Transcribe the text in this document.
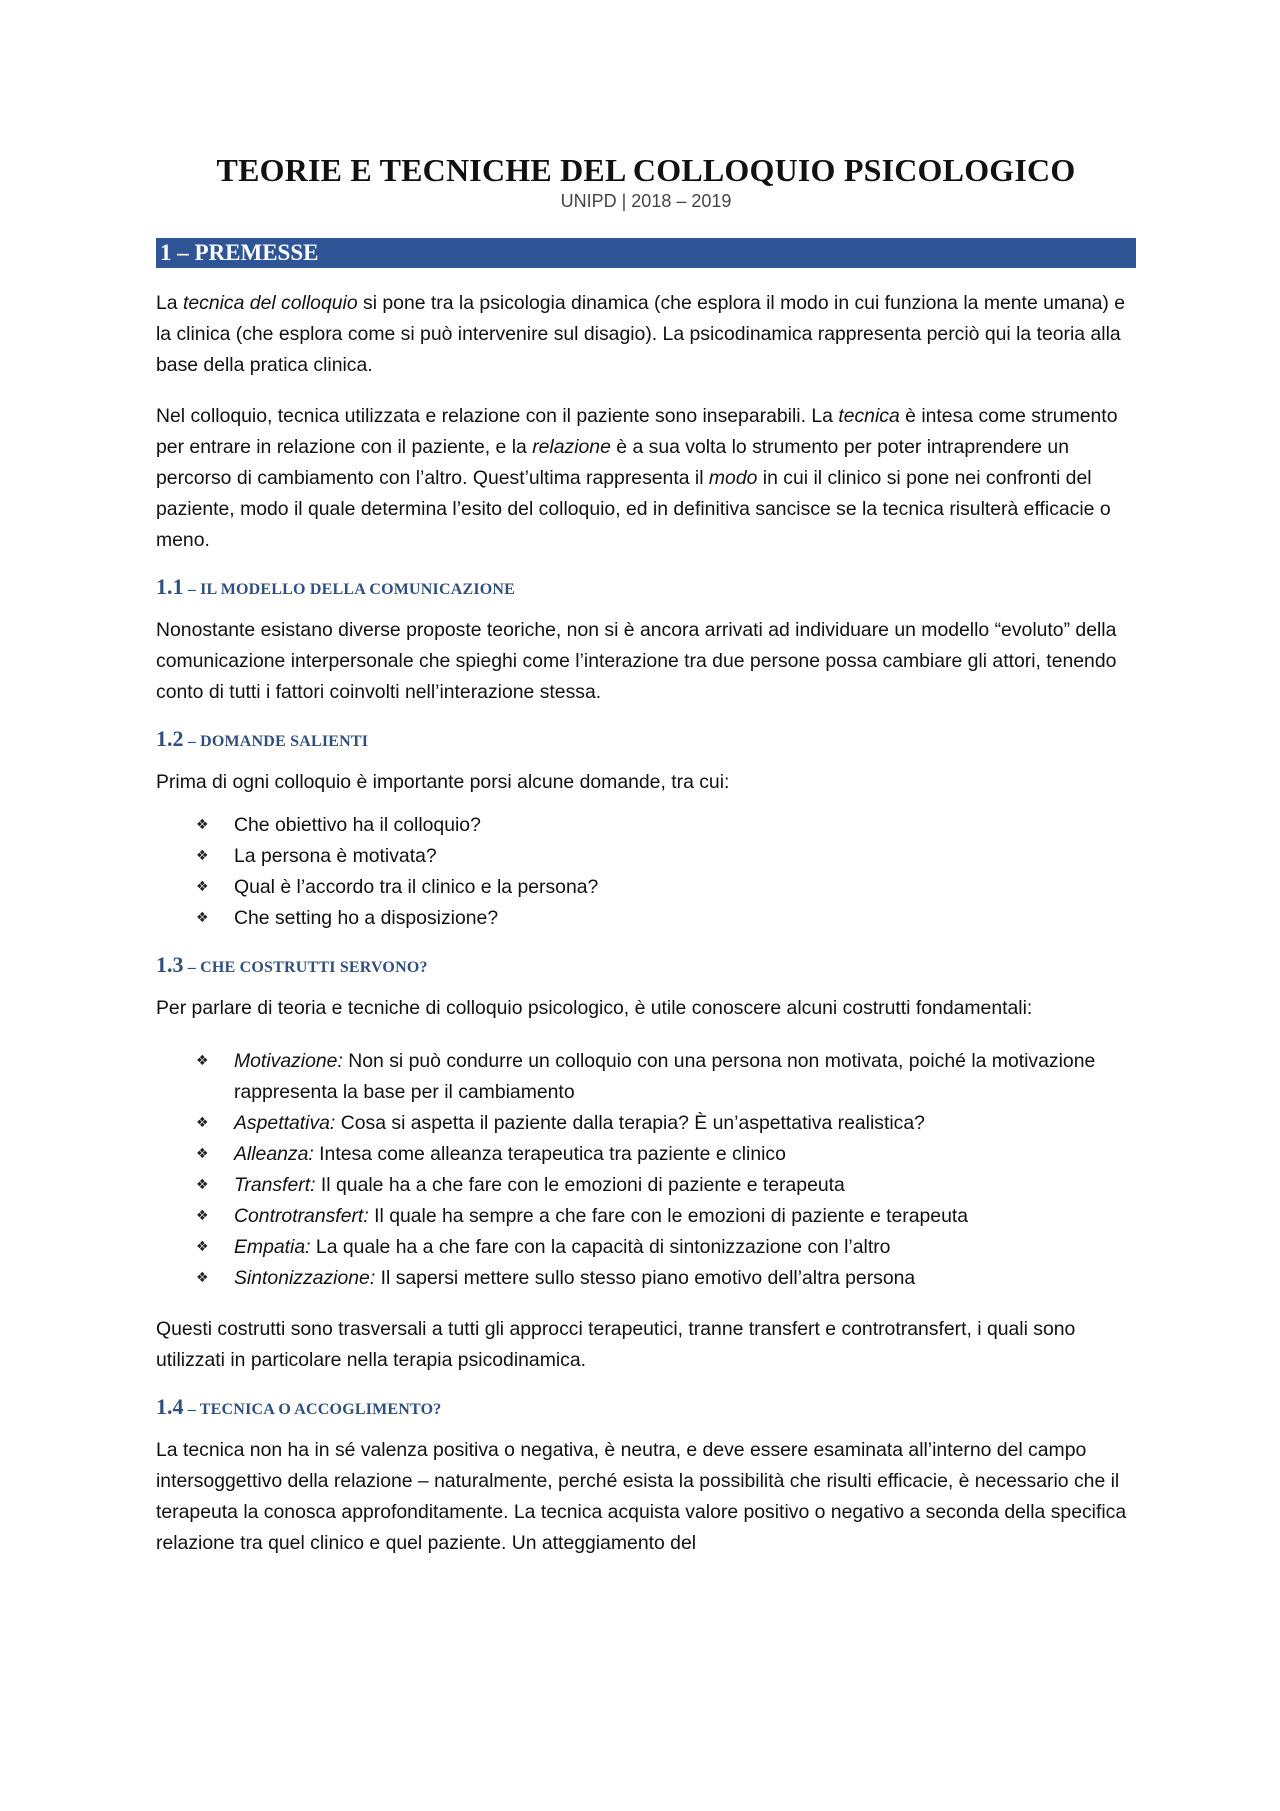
TEORIE E TECNICHE DEL COLLOQUIO PSICOLOGICO
UNIPD | 2018 – 2019
1 – PREMESSE

La tecnica del colloquio si pone tra la psicologia dinamica (che esplora il modo in cui funziona la mente umana) e la clinica (che esplora come si può intervenire sul disagio). La psicodinamica rappresenta perciò qui la teoria alla base della pratica clinica.

Nel colloquio, tecnica utilizzata e relazione con il paziente sono inseparabili. La tecnica è intesa come strumento per entrare in relazione con il paziente, e la relazione è a sua volta lo strumento per poter intraprendere un percorso di cambiamento con l’altro. Quest’ultima rappresenta il modo in cui il clinico si pone nei confronti del paziente, modo il quale determina l’esito del colloquio, ed in definitiva sancisce se la tecnica risulterà efficacie o meno.

1.1 – IL MODELLO DELLA COMUNICAZIONE

Nonostante esistano diverse proposte teoriche, non si è ancora arrivati ad individuare un modello “evoluto” della comunicazione interpersonale che spieghi come l’interazione tra due persone possa cambiare gli attori, tenendo conto di tutti i fattori coinvolti nell’interazione stessa.

1.2 – DOMANDE SALIENTI

Prima di ogni colloquio è importante porsi alcune domande, tra cui:

❖ Che obiettivo ha il colloquio?
❖ La persona è motivata?
❖ Qual è l’accordo tra il clinico e la persona?
❖ Che setting ho a disposizione?
1.3 – CHE COSTRUTTI SERVONO?

Per parlare di teoria e tecniche di colloquio psicologico, è utile conoscere alcuni costrutti fondamentali:

❖ Motivazione: Non si può condurre un colloquio con una persona non motivata, poiché la motivazione rappresenta la base per il cambiamento
❖ Aspettativa: Cosa si aspetta il paziente dalla terapia? È un’aspettativa realistica?
❖ Alleanza: Intesa come alleanza terapeutica tra paziente e clinico
❖ Transfert: Il quale ha a che fare con le emozioni di paziente e terapeuta
❖ Controtransfert: Il quale ha sempre a che fare con le emozioni di paziente e terapeuta
❖ Empatia: La quale ha a che fare con la capacità di sintonizzazione con l’altro
❖ Sintonizzazione: Il sapersi mettere sullo stesso piano emotivo dell’altra persona

Questi costrutti sono trasversali a tutti gli approcci terapeutici, tranne transfert e controtransfert, i quali sono utilizzati in particolare nella terapia psicodinamica.

1.4 – TECNICA O ACCOGLIMENTO?

La tecnica non ha in sé valenza positiva o negativa, è neutra, e deve essere esaminata all’interno del campo intersoggettivo della relazione – naturalmente, perché esista la possibilità che risulti efficacie, è necessario che il terapeuta la conosca approfonditamente. La tecnica acquista valore positivo o negativo a seconda della specifica relazione tra quel clinico e quel paziente. Un atteggiamento del
